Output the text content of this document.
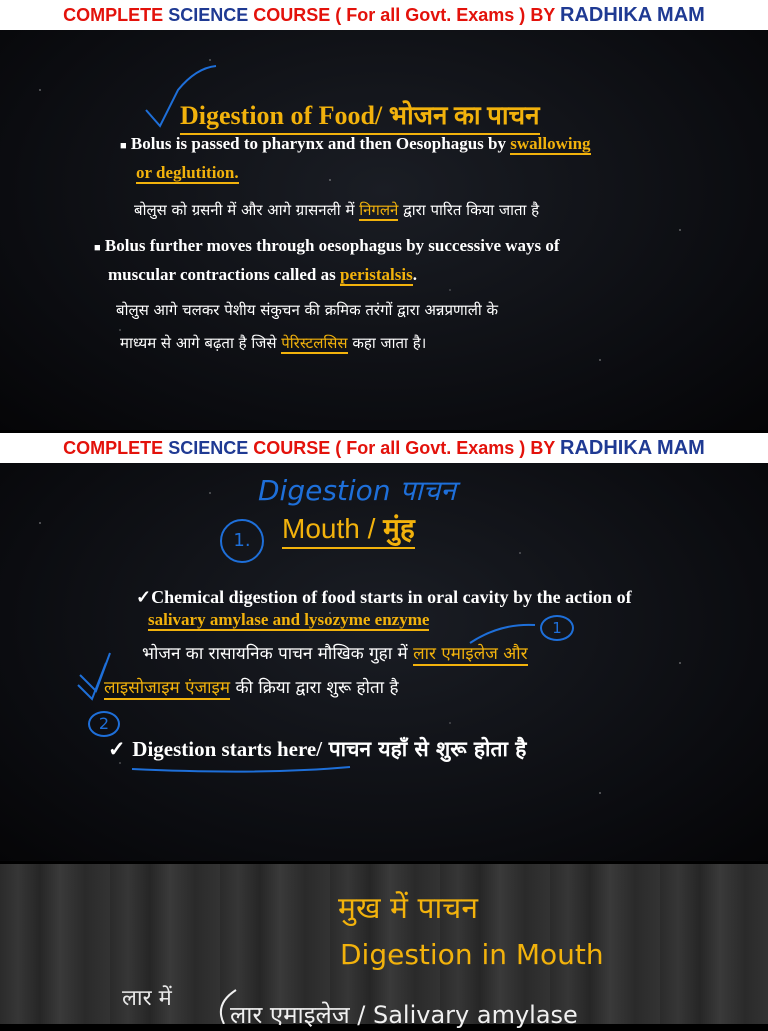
COMPLETE SCIENCE COURSE ( For all Govt. Exams ) BY RADHIKA MAM
Digestion of Food/ भोजन का पाचन
■ Bolus is passed to pharynx and then Oesophagus by swallowing
or deglutition.
बोलुस को ग्रसनी में और आगे ग्रासनली में निगलने द्वारा पारित किया जाता है
■ Bolus further moves through oesophagus by successive ways of
muscular contractions called as peristalsis.
बोलुस आगे चलकर पेशीय संकुचन की क्रमिक तरंगों द्वारा अन्नप्रणाली के
माध्यम से आगे बढ़ता है जिसे पेरिस्टलसिस कहा जाता है।
COMPLETE SCIENCE COURSE ( For all Govt. Exams ) BY RADHIKA MAM
Digestion पाचन
1.	Mouth / मुंह
✓Chemical digestion of food starts in oral cavity by the action of
salivary amylase and lysozyme enzyme
भोजन का रासायनिक पाचन मौखिक गुहा में लार एमाइलेज और
लाइसोजाइम एंजाइम की क्रिया द्वारा शुरू होता है
2
1
✓ Digestion starts here/ पाचन यहाँ से शुरू होता है
मुख में पाचन
Digestion in Mouth
लार में
लार एमाइलेज / Salivary amylase
